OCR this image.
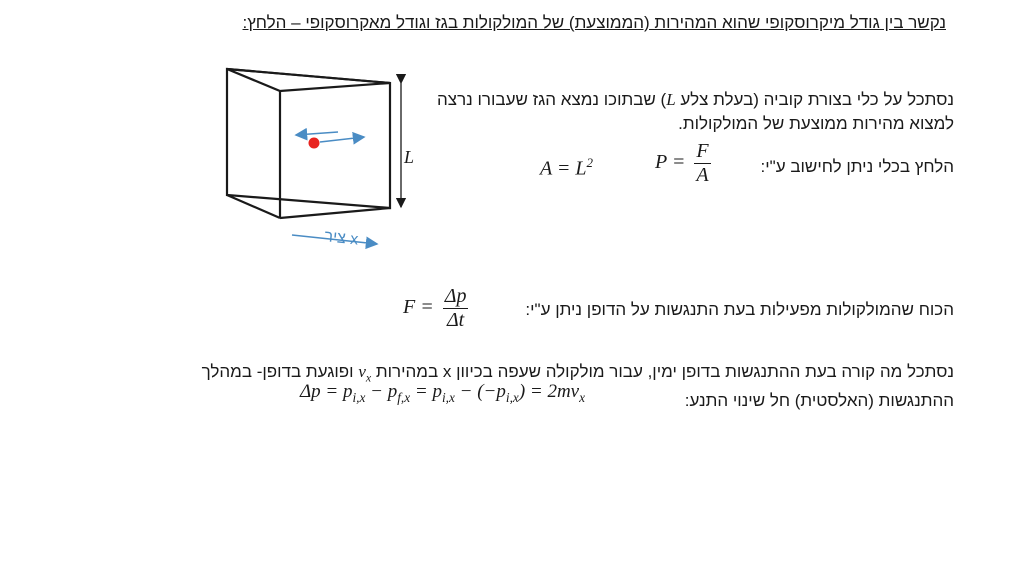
נקשר בין גודל מיקרוסקופי שהוא המהירות (הממוצעת) של המולקולות בגז וגודל מאקרוסקופי – הלחץ:
נסתכל על כלי בצורת קוביה (בעלת צלע L) שבתוכו נמצא הגז שעבורו נרצה למצוא מהירות ממוצעת של המולקולות.
$A = L^2$	$P = \frac{F}{A}$	הלחץ בכלי ניתן לחישוב ע"י:
$F = \frac{\Delta p}{\Delta t}$	הכוח שהמולקולות מפעילות בעת התנגשות על הדופן ניתן ע"י:
נסתכל מה קורה בעת ההתנגשות בדופן ימין, עבור מולקולה שעפה בכיוון x במהירות $v_x$ ופוגעת בדופן- במהלך
ההתנגשות (האלסטית) חל שינוי התנע:
$\Delta p = p_{i,x} - p_{f,x} = p_{i,x} - (-p_{i,x}) = 2mv_x$
L
ציר x
